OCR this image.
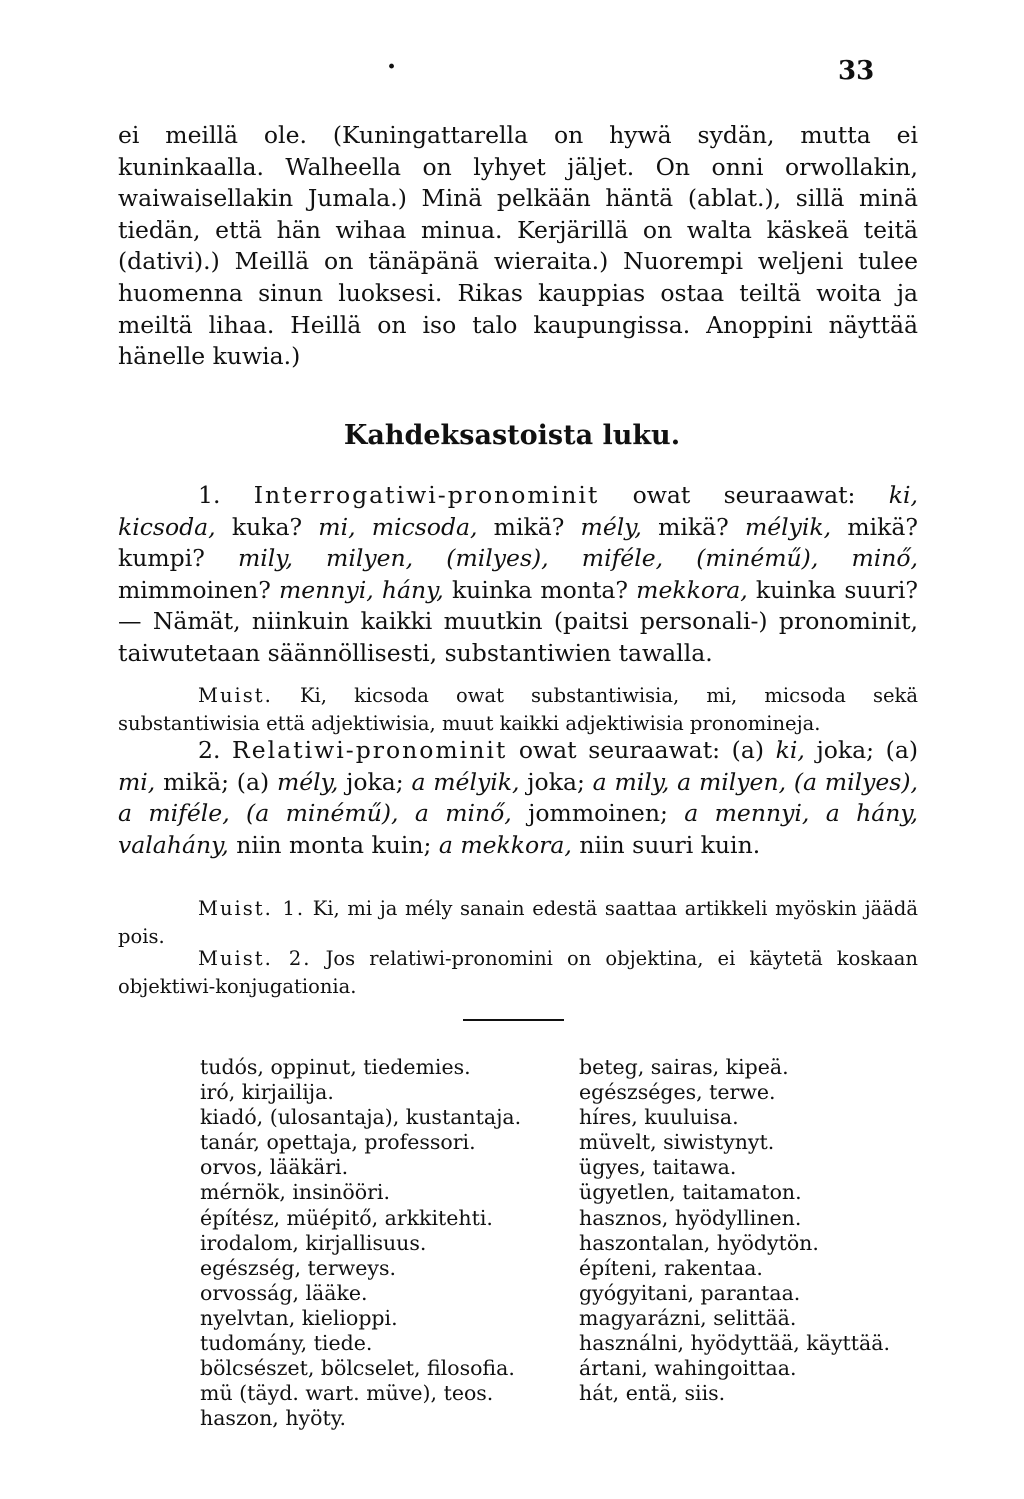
·	33

ei meillä ole. (Kuningattarella on hywä sydän, mutta ei kuninkaalla. Walheella on lyhyet jäljet. On onni orwollakin, waiwaisellakin Jumala.) Minä pelkään häntä (ablat.), sillä minä tiedän, että hän wihaa minua. Kerjärillä on walta käskeä teitä (dativi).) Meillä on tänäpänä wieraita.) Nuorempi weljeni tulee huomenna sinun luoksesi. Rikas kauppias ostaa teiltä woita ja meiltä lihaa. Heillä on iso talo kaupungissa. Anoppini näyttää hänelle kuwia.)

Kahdeksastoista luku.

1. Interrogatiwi-pronominit owat seuraawat: ki, kicsoda, kuka? mi, micsoda, mikä? mély, mikä? mélyik, mikä? kumpi? mily, milyen, (milyes), miféle, (minémű), minő, mimmoinen? mennyi, hány, kuinka monta? mekkora, kuinka suuri? — Nämät, niinkuin kaikki muutkin (paitsi personali-) pronominit, taiwutetaan säännöllisesti, substantiwien tawalla.

Muist. Ki, kicsoda owat substantiwisia, mi, micsoda sekä substantiwisia että adjektiwisia, muut kaikki adjektiwisia pronomineja.

2. Relatiwi-pronominit owat seuraawat: (a) ki, joka; (a) mi, mikä; (a) mély, joka; a mélyik, joka; a mily, a milyen, (a milyes), a miféle, (a minémű), a minő, jommoinen; a mennyi, a hány, valahány, niin monta kuin; a mekkora, niin suuri kuin.

Muist. 1. Ki, mi ja mély sanain edestä saattaa artikkeli myöskin jäädä pois.

Muist. 2. Jos relatiwi-pronomini on objektina, ei käytetä koskaan objektiwi-konjugationia.

tudós, oppinut, tiedemies.
iró, kirjailija.
kiadó, (ulosantaja), kustantaja.
tanár, opettaja, professori.
orvos, lääkäri.
mérnök, insinööri.
építész, müépitő, arkkitehti.
irodalom, kirjallisuus.
egészség, terweys.
orvosság, lääke.
nyelvtan, kielioppi.
tudomány, tiede.
bölcsészet, bölcselet, filosofia.
mü (täyd. wart. müve), teos.
haszon, hyöty.
beteg, sairas, kipeä.
egészséges, terwe.
híres, kuuluisa.
müvelt, siwistynyt.
ügyes, taitawa.
ügyetlen, taitamaton.
hasznos, hyödyllinen.
haszontalan, hyödytön.
építeni, rakentaa.
gyógyitani, parantaa.
magyarázni, selittää.
használni, hyödyttää, käyttää.
ártani, wahingoittaa.
hát, entä, siis.
